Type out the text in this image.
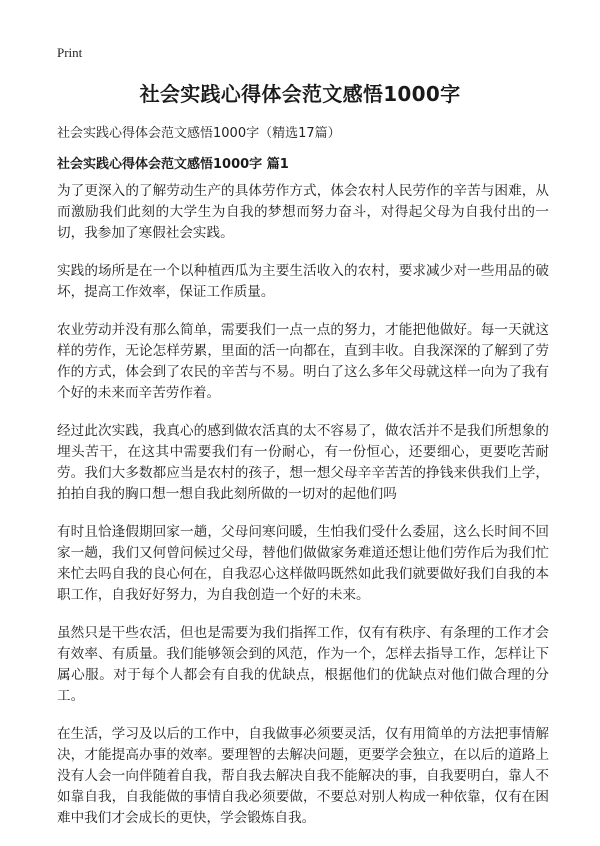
Print
社会实践心得体会范文感悟1000字

社会实践心得体会范文感悟1000字（精选17篇）

社会实践心得体会范文感悟1000字 篇1

为了更深入的了解劳动生产的具体劳作方式，体会农村人民劳作的辛苦与困难，从而激励我们此刻的大学生为自我的梦想而努力奋斗，对得起父母为自我付出的一切，我参加了寒假社会实践。

实践的场所是在一个以种植西瓜为主要生活收入的农村，要求减少对一些用品的破坏，提高工作效率，保证工作质量。

农业劳动并没有那么简单，需要我们一点一点的努力，才能把他做好。每一天就这样的劳作，无论怎样劳累，里面的活一向都在，直到丰收。自我深深的了解到了劳作的方式，体会到了农民的辛苦与不易。明白了这么多年父母就这样一向为了我有个好的未来而辛苦劳作着。

经过此次实践，我真心的感到做农活真的太不容易了，做农活并不是我们所想象的埋头苦干，在这其中需要我们有一份耐心，有一份恒心，还要细心，更要吃苦耐劳。我们大多数都应当是农村的孩子，想一想父母辛辛苦苦的挣钱来供我们上学，拍拍自我的胸口想一想自我此刻所做的一切对的起他们吗

有时且恰逢假期回家一趟，父母问寒问暖，生怕我们受什么委屈，这么长时间不回家一趟，我们又何曾问候过父母，替他们做做家务难道还想让他们劳作后为我们忙来忙去吗自我的良心何在，自我忍心这样做吗既然如此我们就要做好我们自我的本职工作，自我好好努力，为自我创造一个好的未来。

虽然只是干些农活，但也是需要为我们指挥工作，仅有有秩序、有条理的工作才会有效率、有质量。我们能够领会到的风范，作为一个，怎样去指导工作，怎样让下属心服。对于每个人都会有自我的优缺点，根据他们的优缺点对他们做合理的分工。

在生活，学习及以后的工作中，自我做事必须要灵活，仅有用简单的方法把事情解决，才能提高办事的效率。要理智的去解决问题，更要学会独立，在以后的道路上没有人会一向伴随着自我，帮自我去解决自我不能解决的事，自我要明白，靠人不如靠自我，自我能做的事情自我必须要做，不要总对别人构成一种依靠，仅有在困难中我们才会成长的更快，学会锻炼自我。
